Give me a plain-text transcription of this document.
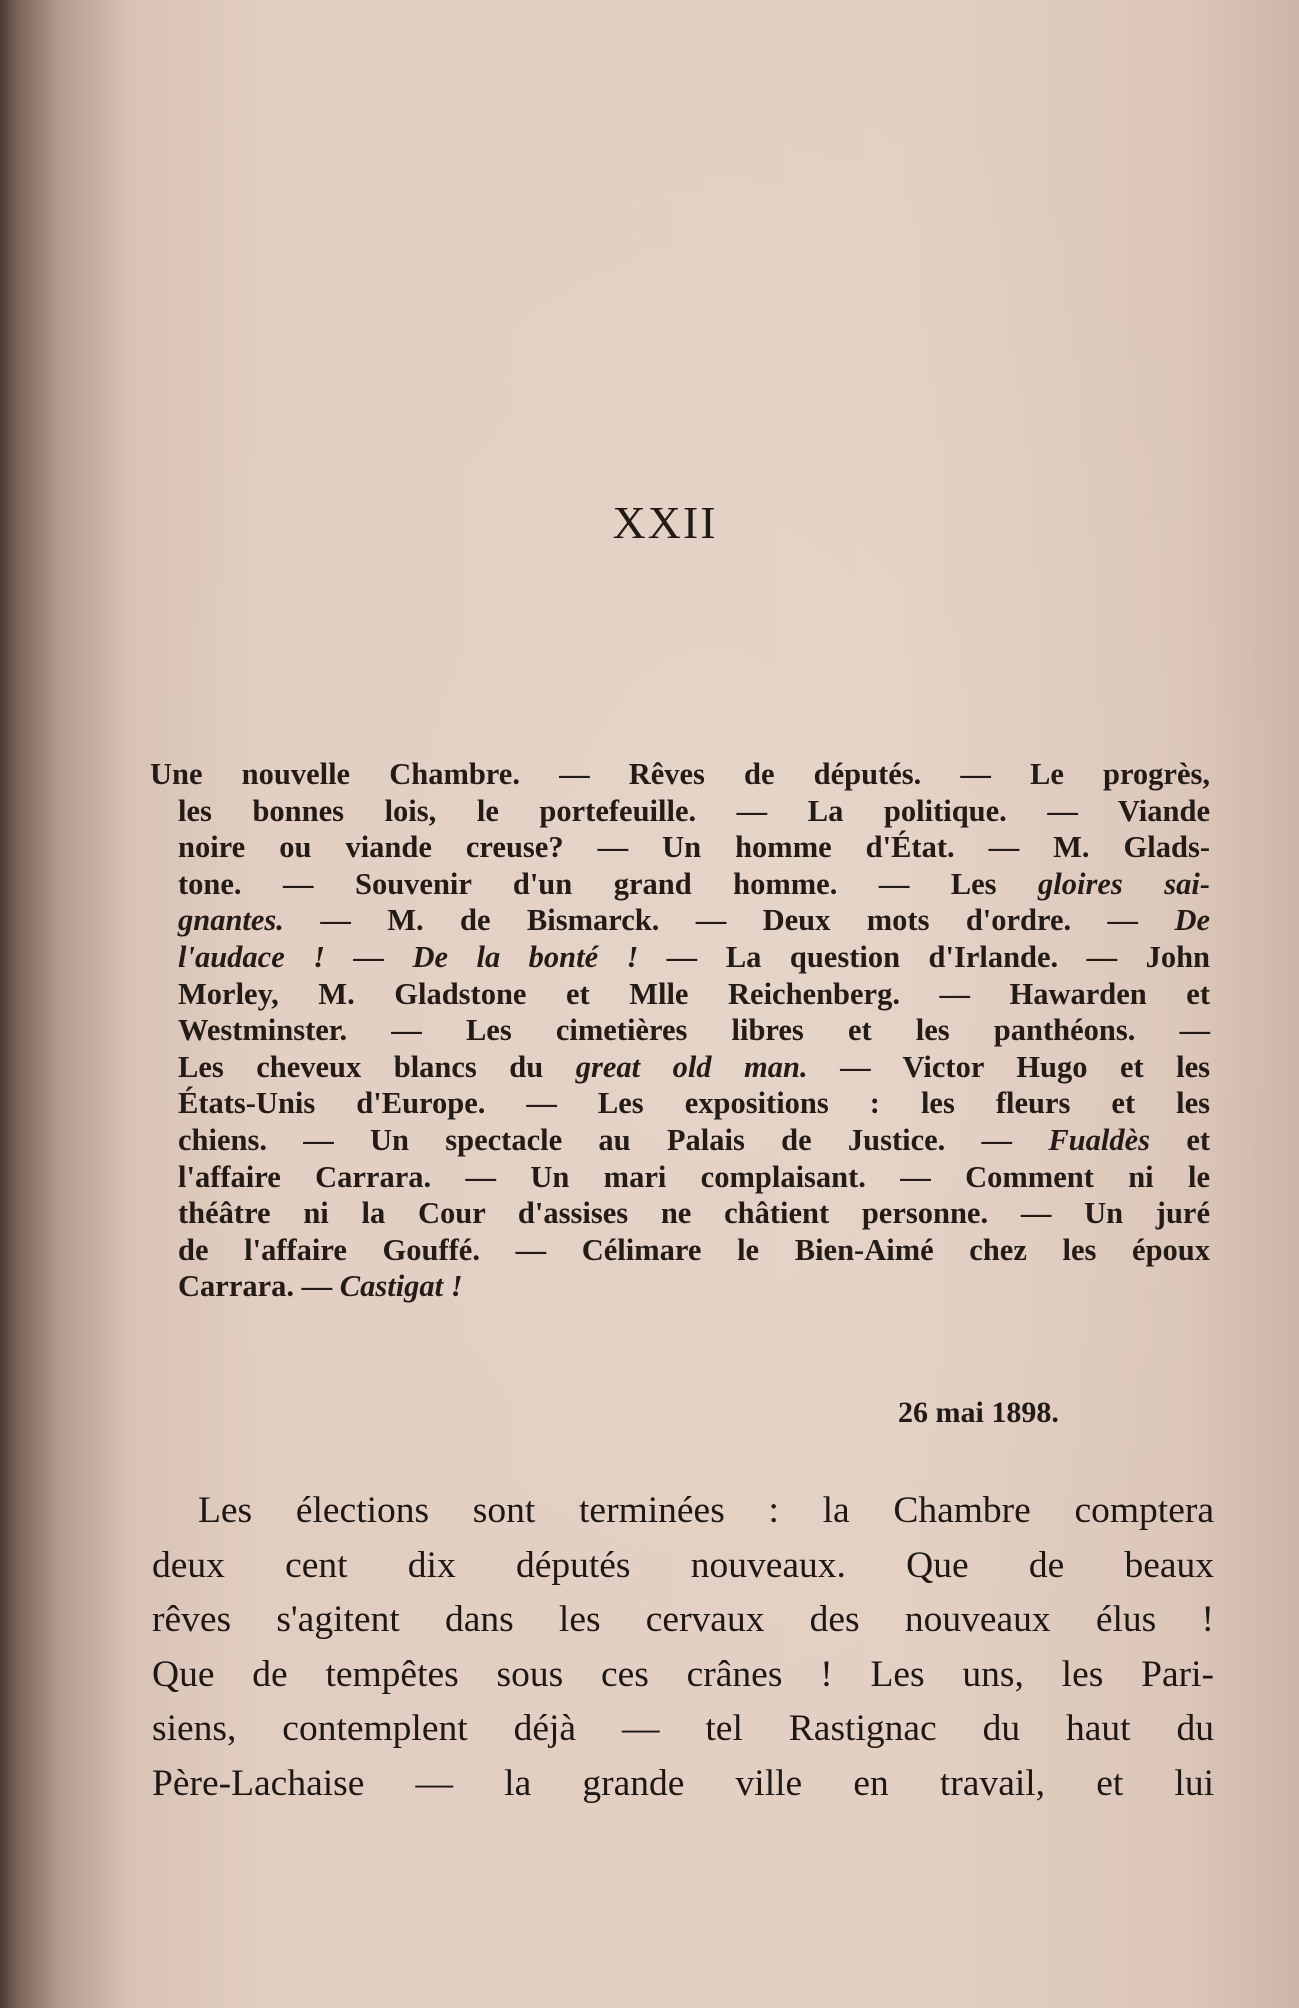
XXII
Une nouvelle Chambre. — Rêves de députés. — Le progrès,
les bonnes lois, le portefeuille. — La politique. — Viande
noire ou viande creuse? — Un homme d'État. — M. Glads-
tone. — Souvenir d'un grand homme. — Les gloires sai-
gnantes. — M. de Bismarck. — Deux mots d'ordre. — De
l'audace ! — De la bonté ! — La question d'Irlande. — John
Morley, M. Gladstone et Mlle Reichenberg. — Hawarden et
Westminster. — Les cimetières libres et les panthéons. —
Les cheveux blancs du great old man. — Victor Hugo et les
États-Unis d'Europe. — Les expositions : les fleurs et les
chiens. — Un spectacle au Palais de Justice. — Fualdès et
l'affaire Carrara. — Un mari complaisant. — Comment ni le
théâtre ni la Cour d'assises ne châtient personne. — Un juré
de l'affaire Gouffé. — Célimare le Bien-Aimé chez les époux
Carrara. — Castigat !
26 mai 1898.
Les élections sont terminées : la Chambre comptera
deux cent dix députés nouveaux. Que de beaux
rêves s'agitent dans les cervaux des nouveaux élus !
Que de tempêtes sous ces crânes ! Les uns, les Pari-
siens, contemplent déjà — tel Rastignac du haut du
Père-Lachaise — la grande ville en travail, et lui
